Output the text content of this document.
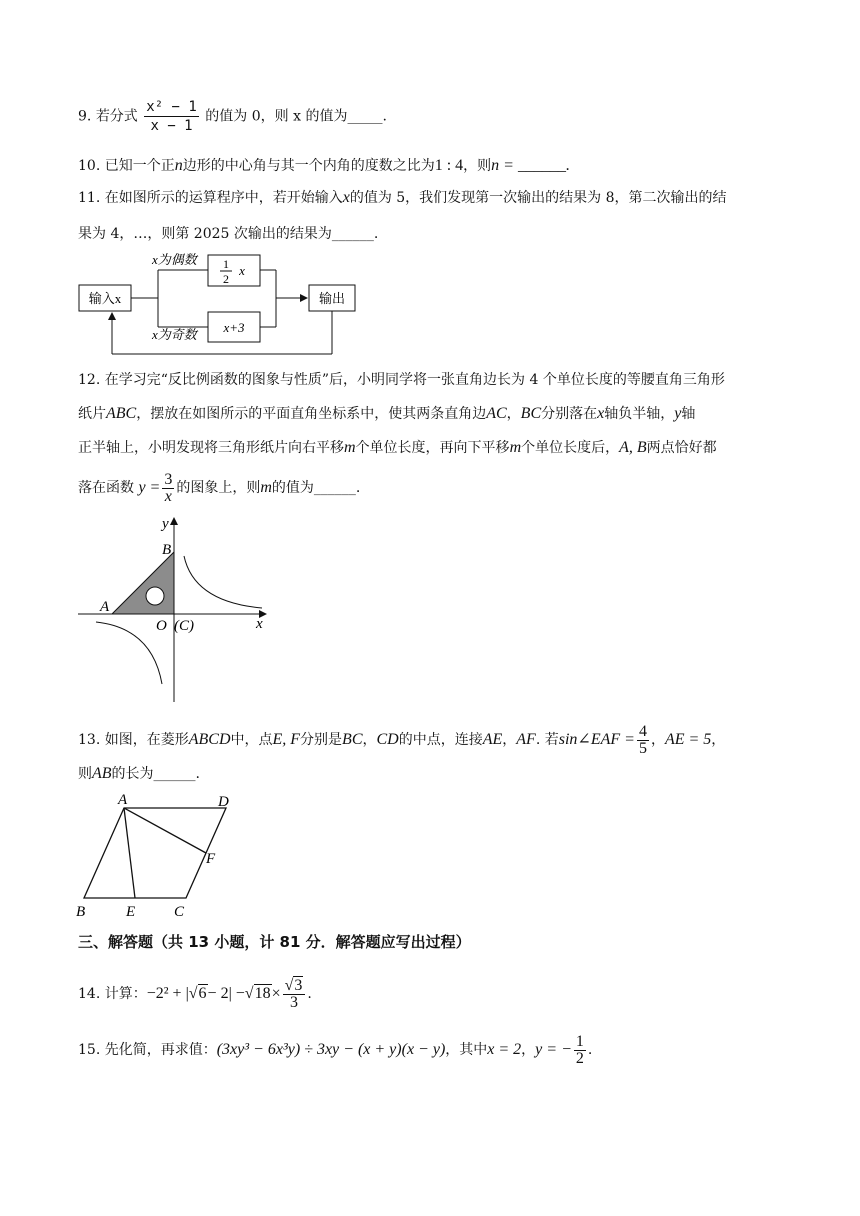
9. 若分式 $\frac{\text{x² − 1}}{x - 1}$ 的值为 0，则 x 的值为_____.
10. 已知一个正n边形的中心角与其一个内角的度数之比为1 : 4，则n = ______.
11. 在如图所示的运算程序中，若开始输入x的值为 5，我们发现第一次输出的结果为 8，第二次输出的结
果为 4，…，则第 2025 次输出的结果为______.
输入x
x为偶数
x为奇数
1
2
x
x+3
输出
12. 在学习完“反比例函数的图象与性质”后，小明同学将一张直角边长为 4 个单位长度的等腰直角三角形
纸片ABC，摆放在如图所示的平面直角坐标系中，使其两条直角边AC，BC分别落在x轴负半轴，y轴
正半轴上，小明发现将三角形纸片向右平移m个单位长度，再向下平移m个单位长度后，A, B两点恰好都
落在函数 $y = \frac{3}{x}$ 的图象上，则m的值为______.
y
x
A
B
O (C)
13. 如图，在菱形ABCD中，点E, F分别是BC，CD的中点，连接AE，AF. 若sin∠EAF = $\frac{4}{5}$ ，AE = 5，
则AB的长为______.
A	D
F
B	E	C
三、解答题（共 13 小题，计 81 分．解答题应写出过程）
14. 计算：$-2^2 + |√6- 2| -√18\times \frac{√3}{3}$ .
15. 先化简，再求值：(3xy³ − 6x³y) ÷ 3xy − (x + y)(x − y)，其中x = 2，y = − $\frac{1}{2}$ .
